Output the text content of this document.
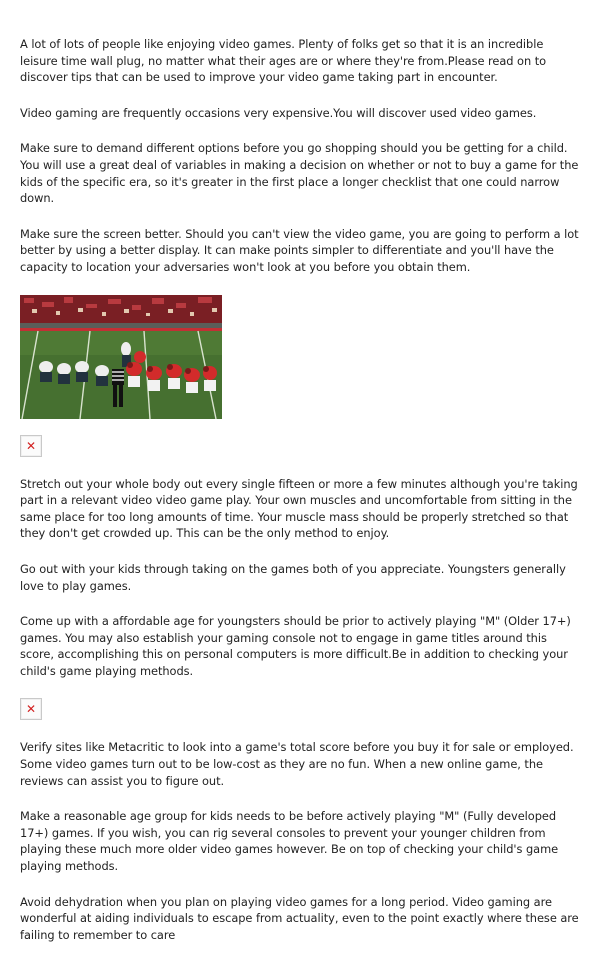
A lot of lots of people like enjoying video games. Plenty of folks get so that it is an incredible leisure time wall plug, no matter what their ages are or where they're from.Please read on to discover tips that can be used to improve your video game taking part in encounter.

Video gaming are frequently occasions very expensive.You will discover used video games.

Make sure to demand different options before you go shopping should you be getting for a child. You will use a great deal of variables in making a decision on whether or not to buy a game for the kids of the specific era, so it's greater in the first place a longer checklist that one could narrow down.

Make sure the screen better. Should you can't view the video game, you are going to perform a lot better by using a better display. It can make points simpler to differentiate and you'll have the capacity to location your adversaries won't look at you before you obtain them.

✕

Stretch out your whole body out every single fifteen or more a few minutes although you're taking part in a relevant video video game play. Your own muscles and uncomfortable from sitting in the same place for too long amounts of time. Your muscle mass should be properly stretched so that they don't get crowded up. This can be the only method to enjoy.

Go out with your kids through taking on the games both of you appreciate. Youngsters generally love to play games.

Come up with a affordable age for youngsters should be prior to actively playing "M" (Older 17+) games. You may also establish your gaming console not to engage in game titles around this score, accomplishing this on personal computers is more difficult.Be in addition to checking your child's game playing methods.

✕

Verify sites like Metacritic to look into a game's total score before you buy it for sale or employed. Some video games turn out to be low-cost as they are no fun. When a new online game, the reviews can assist you to figure out.

Make a reasonable age group for kids needs to be before actively playing "M" (Fully developed 17+) games. If you wish, you can rig several consoles to prevent your younger children from playing these much more older video games however. Be on top of checking your child's game playing methods.

Avoid dehydration when you plan on playing video games for a long period. Video gaming are wonderful at aiding individuals to escape from actuality, even to the point exactly where these are failing to remember to care
